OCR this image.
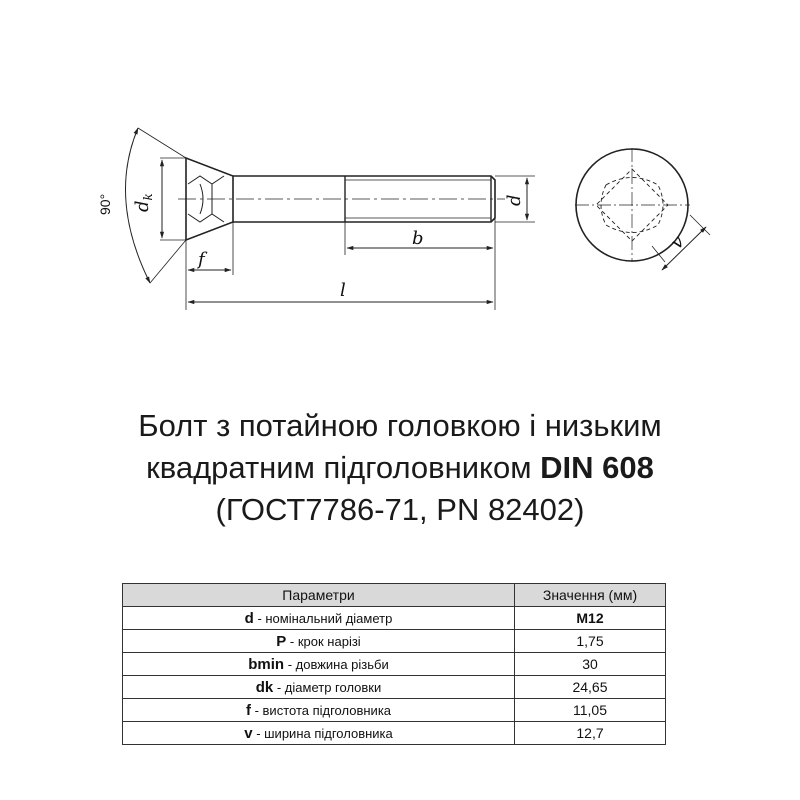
90° $d_k$
f
b
l
d
v
Болт з потайною головкою і низьким
квадратним підголовником DIN 608
(ГОСТ7786-71, PN 82402)
Параметри	Значення (мм)
d - номінальний діаметр	M12
P - крок нарізі	1,75
bmin - довжина різьби	30
dk - діаметр головки	24,65
f - вистота підголовника	11,05
v - ширина підголовника	12,7
